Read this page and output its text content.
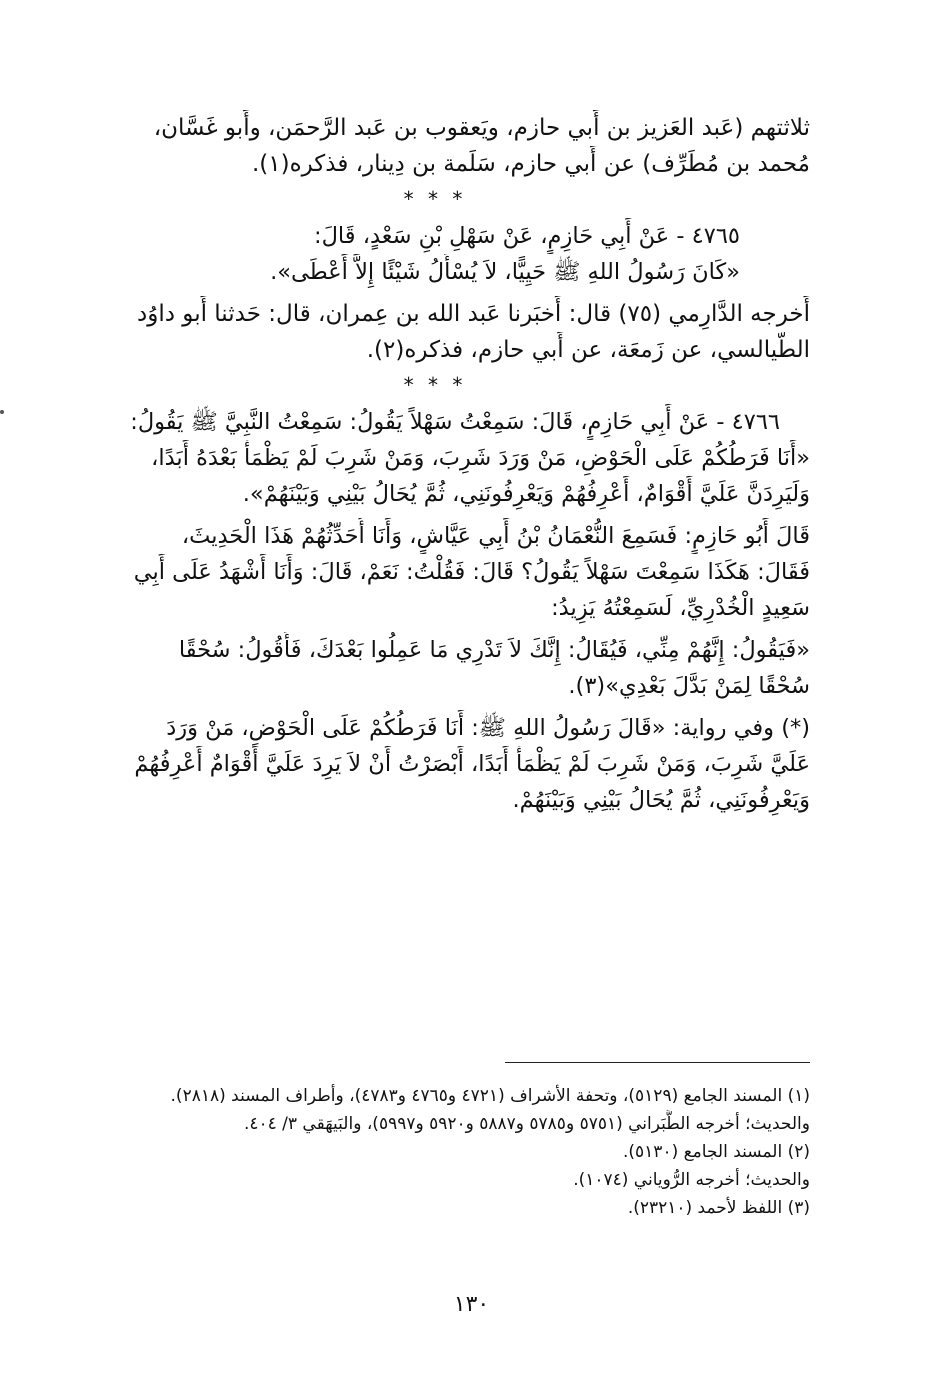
ثلاثتهم (عَبد العَزيز بن أَبي حازم، ويَعقوب بن عَبد الرَّحمَن، وأَبو غَسَّان،
مُحمد بن مُطَرِّف) عن أَبي حازم، سَلَمة بن دِينار، فذكره(١).
* * *
٤٧٦٥ - عَنْ أَبِي حَازِمٍ، عَنْ سَهْلِ بْنِ سَعْدٍ، قَالَ:
«كَانَ رَسُولُ اللهِ ﷺ حَيِيًّا، لاَ يُسْأَلُ شَيْئًا إِلاَّ أَعْطَى».
أَخرجه الدَّارِمي (٧٥) قال: أَخبَرنا عَبد الله بن عِمران، قال: حَدثنا أَبو داوُد
الطَّيالسي، عن زَمعَة، عن أَبي حازم، فذكره(٢).
* * *
٤٧٦٦ - عَنْ أَبِي حَازِمٍ، قَالَ: سَمِعْتُ سَهْلاً يَقُولُ: سَمِعْتُ النَّبِيَّ ﷺ يَقُولُ:
«أَنَا فَرَطُكُمْ عَلَى الْحَوْضِ، مَنْ وَرَدَ شَرِبَ، وَمَنْ شَرِبَ لَمْ يَظْمَأْ بَعْدَهُ أَبَدًا،
وَلَيَرِدَنَّ عَلَيَّ أَقْوَامٌ، أَعْرِفُهُمْ وَيَعْرِفُونَنِي، ثُمَّ يُحَالُ بَيْنِي وَبَيْنَهُمْ».
قَالَ أَبُو حَازِمٍ: فَسَمِعَ النُّعْمَانُ بْنُ أَبِي عَيَّاشٍ، وَأَنَا أُحَدِّثُهُمْ هَذَا الْحَدِيثَ،
فَقَالَ: هَكَذَا سَمِعْتَ سَهْلاً يَقُولُ؟ قَالَ: فَقُلْتُ: نَعَمْ، قَالَ: وَأَنَا أَشْهَدُ عَلَى أَبِي
سَعِيدٍ الْخُدْرِيِّ، لَسَمِعْتُهُ يَزِيدُ:
«فَيَقُولُ: إِنَّهُمْ مِنِّي، فَيُقَالُ: إِنَّكَ لاَ تَدْرِي مَا عَمِلُوا بَعْدَكَ، فَأَقُولُ: سُحْقًا
سُحْقًا لِمَنْ بَدَّلَ بَعْدِي»(٣).
(*) وفي رواية: «قَالَ رَسُولُ اللهِ ﷺ: أَنَا فَرَطُكُمْ عَلَى الْحَوْضِ، مَنْ وَرَدَ
عَلَيَّ شَرِبَ، وَمَنْ شَرِبَ لَمْ يَظْمَأْ أَبَدًا، أَبْصَرْتُ أَنْ لاَ يَرِدَ عَلَيَّ أَقْوَامٌ أَعْرِفُهُمْ
وَيَعْرِفُونَنِي، ثُمَّ يُحَالُ بَيْنِي وَبَيْنَهُمْ.
(١) المسند الجامع (٥١٢٩)، وتحفة الأشراف (٤٧٢١ و٤٧٦٥ و٤٧٨٣)، وأطراف المسند (٢٨١٨).
والحديث؛ أخرجه الطَّبَراني (٥٧٥١ و٥٧٨٥ و٥٨٨٧ و٥٩٢٠ و٥٩٩٧)، والبَيهَقي ٣/ ٤٠٤.
(٢) المسند الجامع (٥١٣٠).
والحديث؛ أخرجه الرُّوياني (١٠٧٤).
(٣) اللفظ لأحمد (٢٣٢١٠).
١٣٠
